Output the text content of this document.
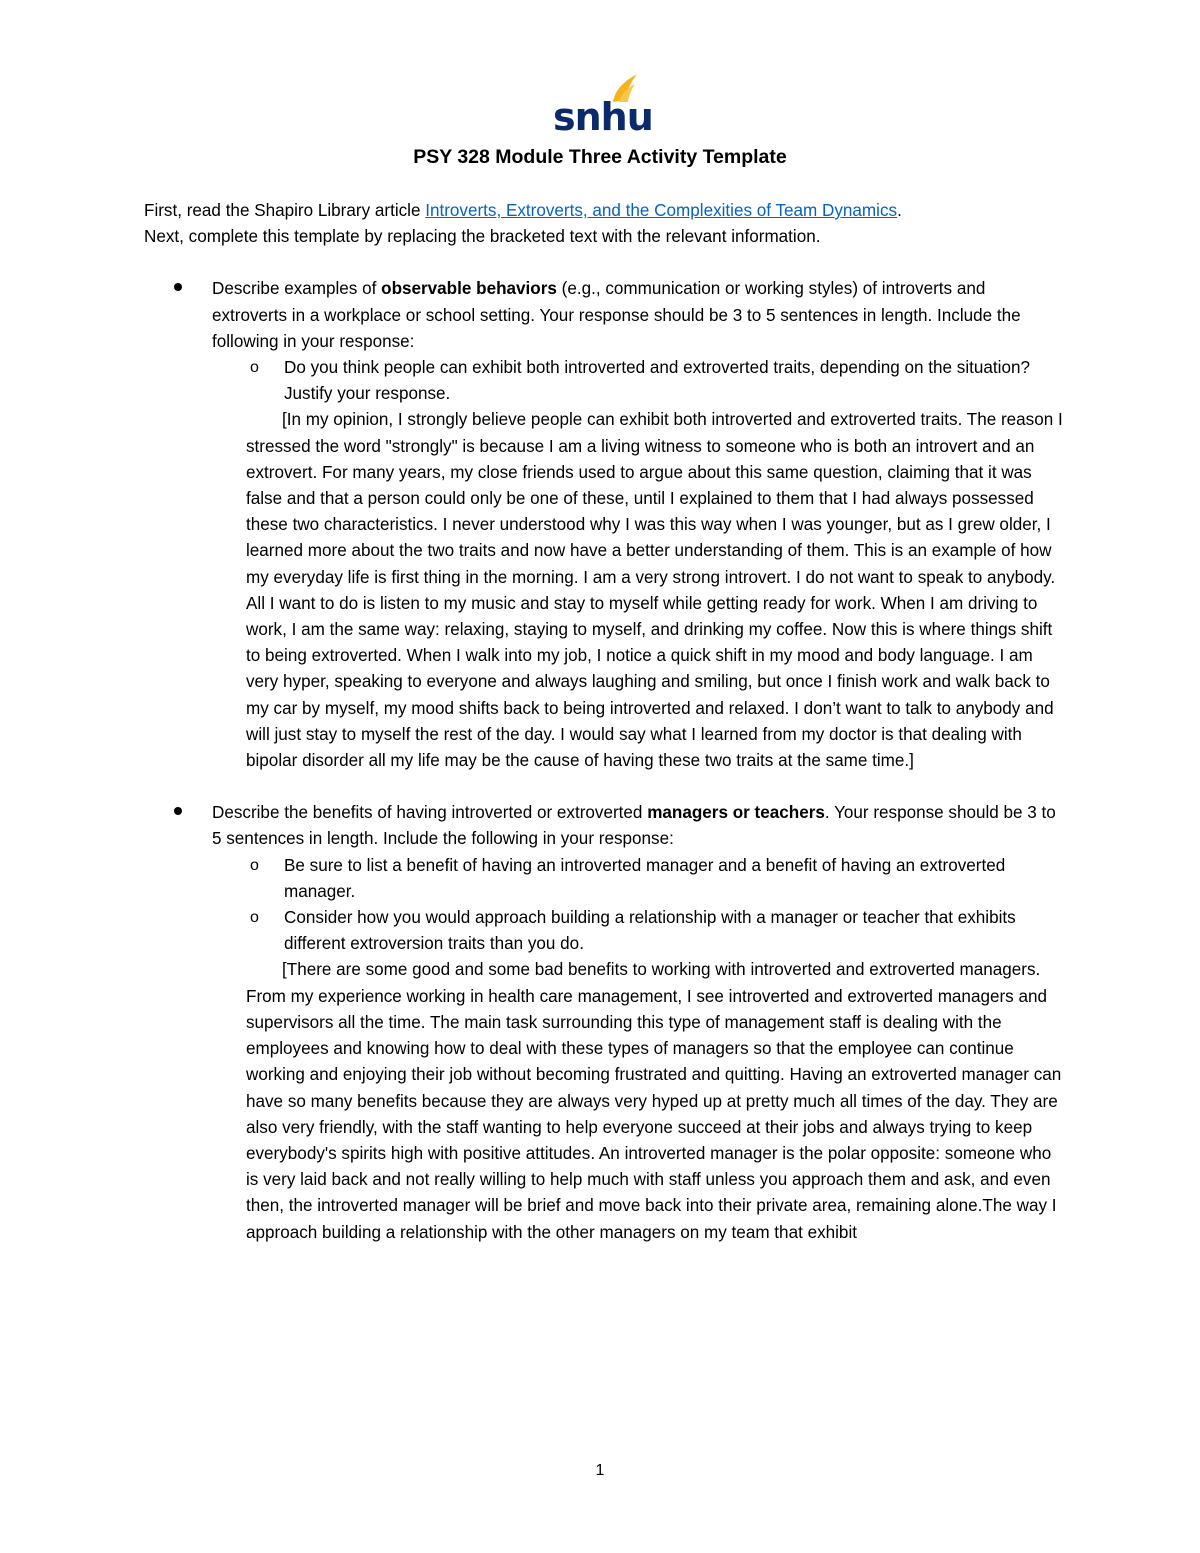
snhu
PSY 328 Module Three Activity Template

First, read the Shapiro Library article Introverts, Extroverts, and the Complexities of Team Dynamics.

Next, complete this template by replacing the bracketed text with the relevant information.

Describe examples of observable behaviors (e.g., communication or working styles) of introverts and extroverts in a workplace or school setting. Your response should be 3 to 5 sentences in length. Include the following in your response:

o Do you think people can exhibit both introverted and extroverted traits, depending on the situation? Justify your response.

[In my opinion, I strongly believe people can exhibit both introverted and extroverted traits. The reason I stressed the word "strongly" is because I am a living witness to someone who is both an introvert and an extrovert. For many years, my close friends used to argue about this same question, claiming that it was false and that a person could only be one of these, until I explained to them that I had always possessed these two characteristics. I never understood why I was this way when I was younger, but as I grew older, I learned more about the two traits and now have a better understanding of them. This is an example of how my everyday life is first thing in the morning. I am a very strong introvert. I do not want to speak to anybody. All I want to do is listen to my music and stay to myself while getting ready for work. When I am driving to work, I am the same way: relaxing, staying to myself, and drinking my coffee. Now this is where things shift to being extroverted. When I walk into my job, I notice a quick shift in my mood and body language. I am very hyper, speaking to everyone and always laughing and smiling, but once I finish work and walk back to my car by myself, my mood shifts back to being introverted and relaxed. I don’t want to talk to anybody and will just stay to myself the rest of the day. I would say what I learned from my doctor is that dealing with bipolar disorder all my life may be the cause of having these two traits at the same time.]

Describe the benefits of having introverted or extroverted managers or teachers. Your response should be 3 to 5 sentences in length. Include the following in your response:

o Be sure to list a benefit of having an introverted manager and a benefit of having an extroverted manager.
o Consider how you would approach building a relationship with a manager or teacher that exhibits different extroversion traits than you do.

[There are some good and some bad benefits to working with introverted and extroverted managers. From my experience working in health care management, I see introverted and extroverted managers and supervisors all the time. The main task surrounding this type of management staff is dealing with the employees and knowing how to deal with these types of managers so that the employee can continue working and enjoying their job without becoming frustrated and quitting. Having an extroverted manager can have so many benefits because they are always very hyped up at pretty much all times of the day. They are also very friendly, with the staff wanting to help everyone succeed at their jobs and always trying to keep everybody's spirits high with positive attitudes. An introverted manager is the polar opposite: someone who is very laid back and not really willing to help much with staff unless you approach them and ask, and even then, the introverted manager will be brief and move back into their private area, remaining alone.The way I approach building a relationship with the other managers on my team that exhibit

1
